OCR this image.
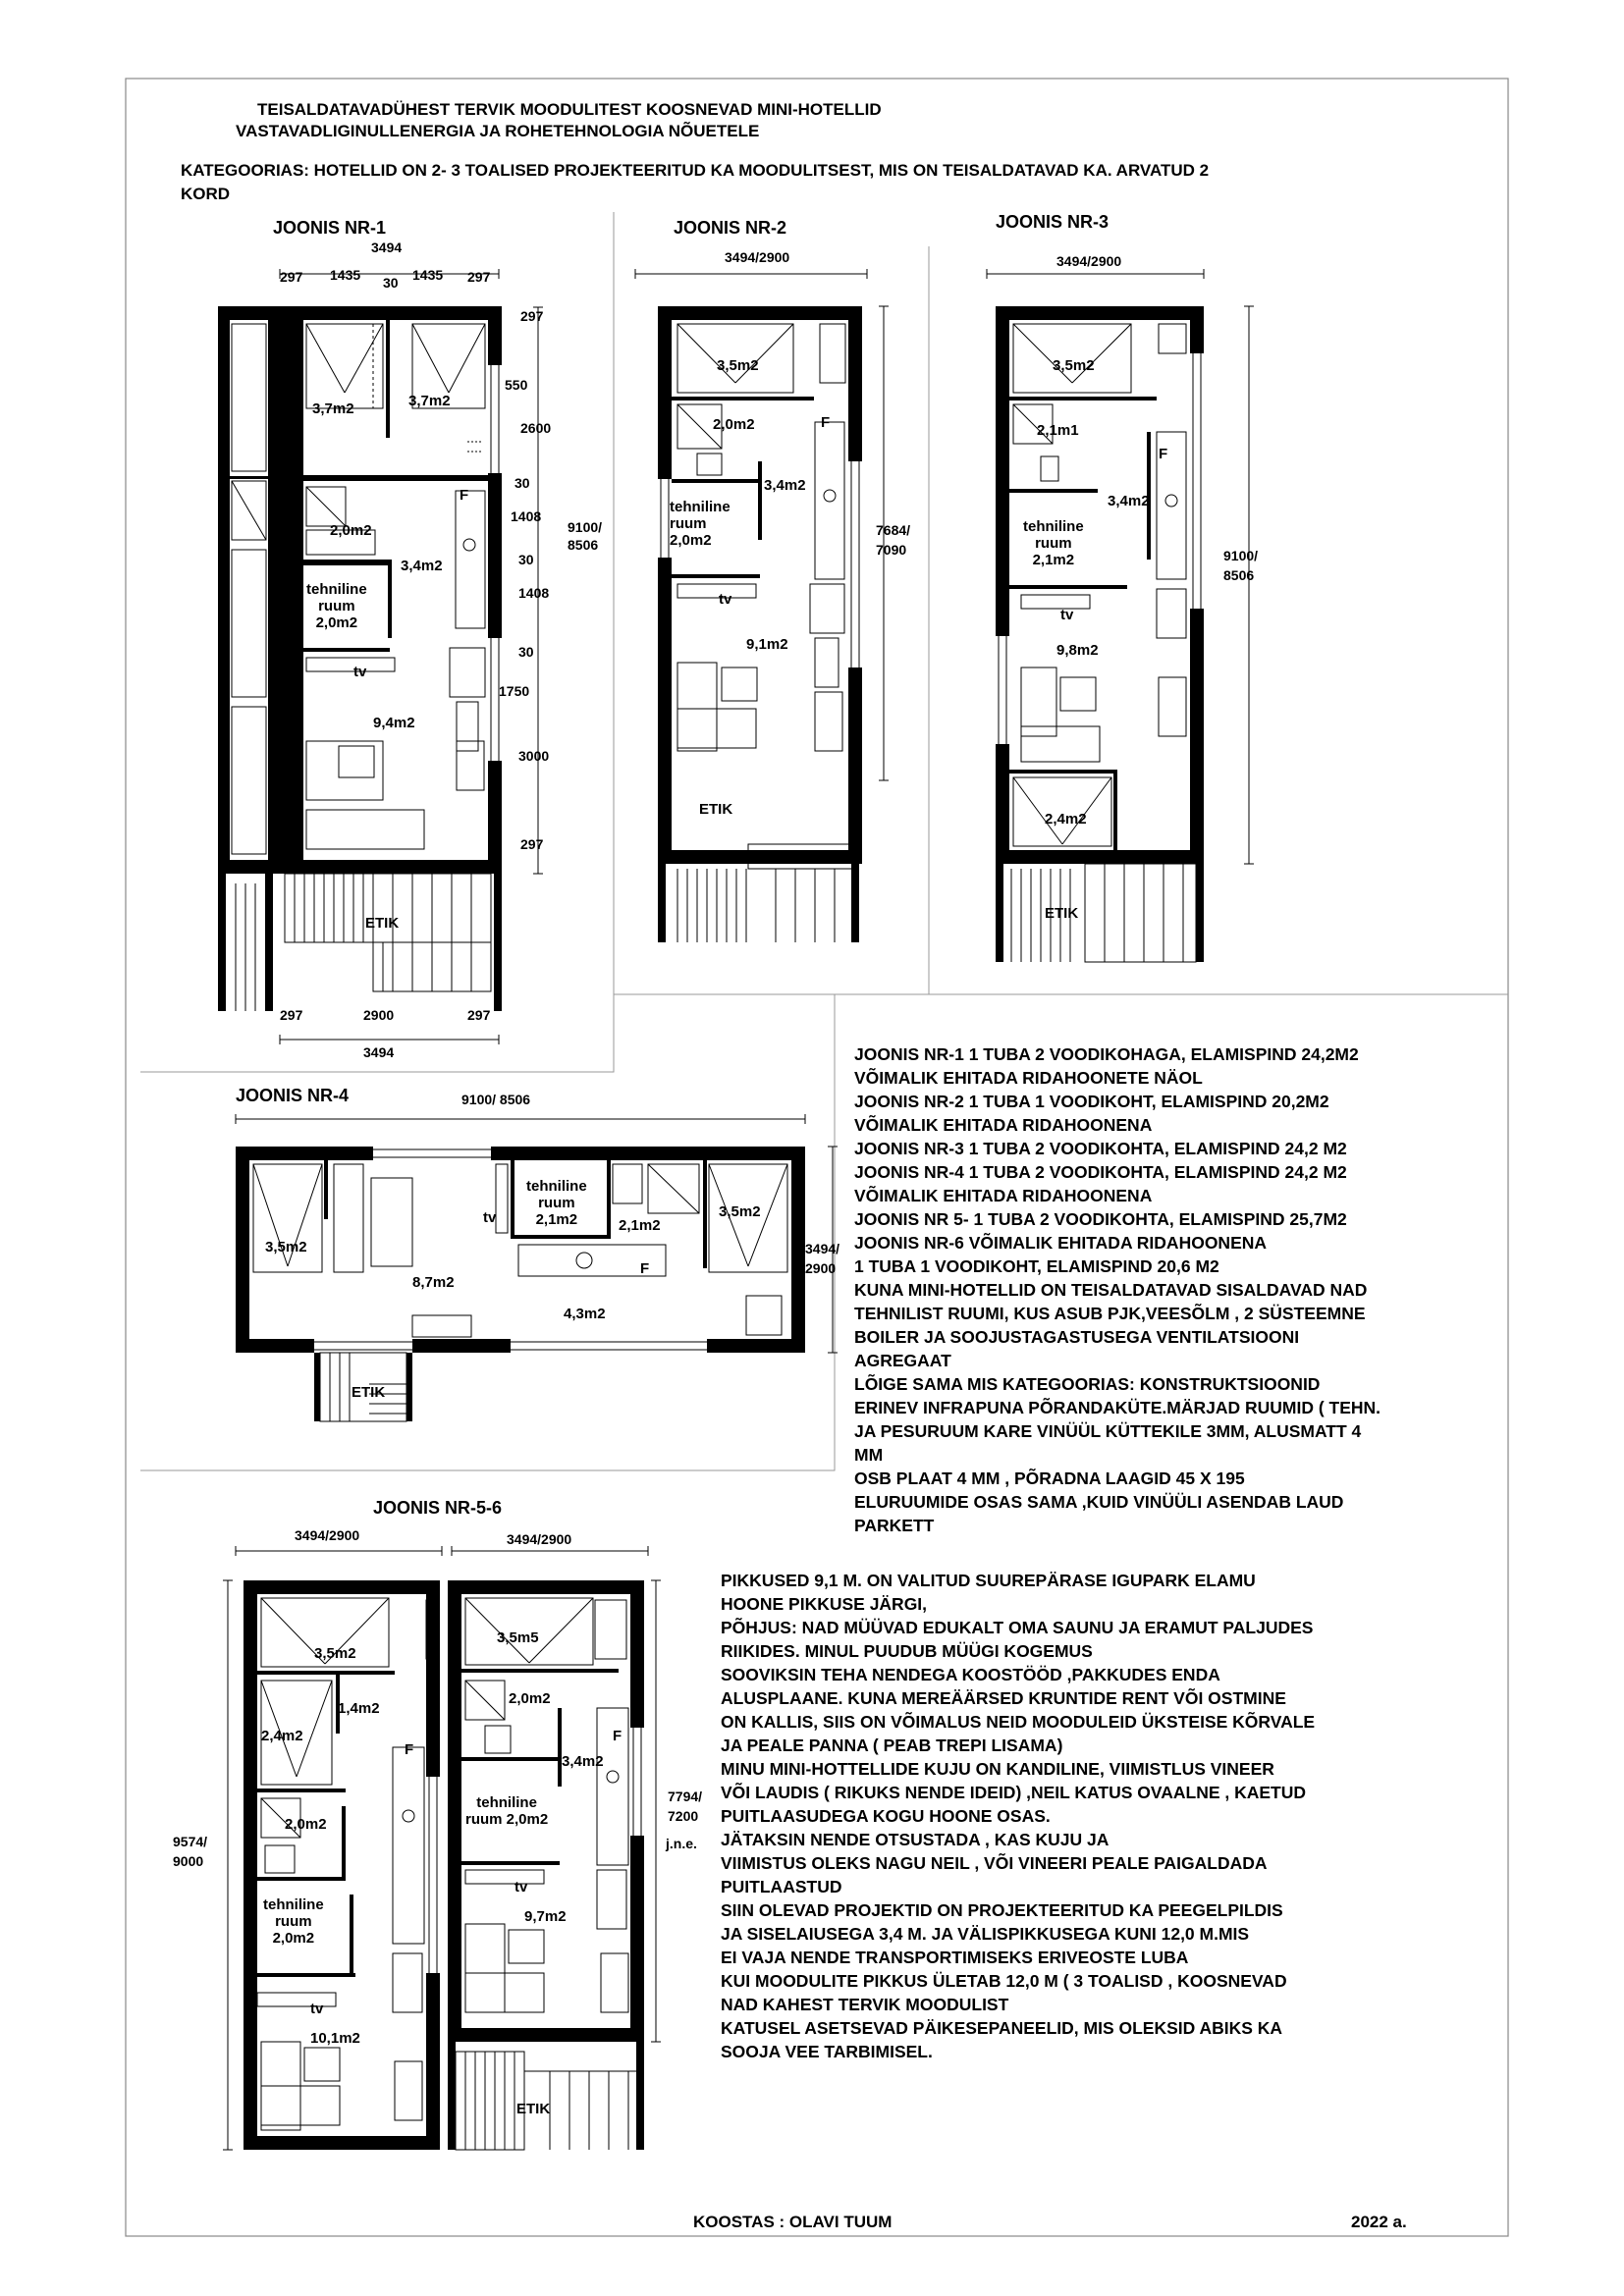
TEISALDATAVADÜHEST TERVIK MOODULITEST KOOSNEVAD MINI-HOTELLID
VASTAVADLIGINULLENERGIA JA ROHETEHNOLOGIA NÕUETELE
KATEGOORIAS: HOTELLID ON 2- 3 TOALISED PROJEKTEERITUD KA MOODULITSEST, MIS ON TEISALDATAVAD KA. ARVATUD 2
KORD
JOONIS NR-1
3494
297 1435 30 1435 297
297
550
2600
30
1408
30
1408
30
1750
3000
297
9100/
8506
297	2900	297
3494
3,7m2	3,7m2
2,0m2
3,4m2
tehniline
ruum
2,0m2
tv
9,4m2
F
ETIK
JOONIS NR-2
3494/2900
7684/
7090
3,5m2
2,0m2
3,4m2
tehniline
ruum
2,0m2
tv
9,1m2
F
ETIK
JOONIS NR-3
3494/2900
9100/
8506
3,5m2
2,1m1
3,4m2
tehniline
ruum
2,1m2
tv
9,8m2
2,4m2
F
ETIK
JOONIS NR-4	9100/ 8506
3494/
2900
3,5m2
8,7m2
tv
tehniline
ruum
2,1m2	2,1m2
3,5m2
4,3m2
F
ETIK
JOONIS NR-5-6
3494/2900	3494/2900
9574/
9000
7794/
7200
j.n.e.
3,5m2
1,4m2
2,4m2
2,0m2
tehniline
ruum
2,0m2
tv
10,1m2
F
3,5m5
2,0m2
3,4m2
tehniline
ruum 2,0m2
tv
9,7m2
F
ETIK
JOONIS NR-1 1 TUBA 2 VOODIKOHAGA, ELAMISPIND 24,2M2
VÕIMALIK EHITADA RIDAHOONETE NÄOL
JOONIS NR-2 1 TUBA 1 VOODIKOHT, ELAMISPIND 20,2M2
VÕIMALIK EHITADA RIDAHOONENA
JOONIS NR-3 1 TUBA 2 VOODIKOHTA, ELAMISPIND 24,2 M2
JOONIS NR-4 1 TUBA 2 VOODIKOHTA, ELAMISPIND 24,2 M2
VÕIMALIK EHITADA RIDAHOONENA
JOONIS NR 5- 1 TUBA 2 VOODIKOHTA, ELAMISPIND 25,7M2
JOONIS NR-6 VÕIMALIK EHITADA RIDAHOONENA
1 TUBA 1 VOODIKOHT, ELAMISPIND 20,6 M2
KUNA MINI-HOTELLID ON TEISALDATAVAD SISALDAVAD NAD
TEHNILIST RUUMI, KUS ASUB PJK,VEESÕLM , 2 SÜSTEEMNE
BOILER JA SOOJUSTAGASTUSEGA VENTILATSIOONI
AGREGAAT
LÕIGE SAMA MIS KATEGOORIAS: KONSTRUKTSIOONID
ERINEV INFRAPUNA PÕRANDAKÜTE.MÄRJAD RUUMID ( TEHN.
JA PESURUUM KARE VINÜÜL KÜTTEKILE 3MM, ALUSMATT 4
MM
OSB PLAAT 4 MM , PÕRADNA LAAGID 45 X 195
ELURUUMIDE OSAS SAMA ,KUID VINÜÜLI ASENDAB LAUD
PARKETT
PIKKUSED 9,1 M. ON VALITUD SUUREPÄRASE IGUPARK ELAMU
HOONE PIKKUSE JÄRGI,
PÕHJUS: NAD MÜÜVAD EDUKALT OMA SAUNU JA ERAMUT PALJUDES
RIIKIDES. MINUL PUUDUB MÜÜGI KOGEMUS
SOOVIKSIN TEHA NENDEGA KOOSTÖÖD ,PAKKUDES ENDA
ALUSPLAANE. KUNA MEREÄÄRSED KRUNTIDE RENT VÕI OSTMINE
ON KALLIS, SIIS ON VÕIMALUS NEID MOODULEID ÜKSTEISE KÕRVALE
JA PEALE PANNA ( PEAB TREPI LISAMA)
MINU MINI-HOTTELLIDE KUJU ON KANDILINE, VIIMISTLUS VINEER
VÕI LAUDIS ( RIKUKS NENDE IDEID) ,NEIL KATUS OVAALNE , KAETUD
PUITLAASUDEGA KOGU HOONE OSAS.
JÄTAKSIN NENDE OTSUSTADA , KAS KUJU JA
VIIMISTUS OLEKS NAGU NEIL , VÕI VINEERI PEALE PAIGALDADA
PUITLAASTUD
SIIN OLEVAD PROJEKTID ON PROJEKTEERITUD KA PEEGELPILDIS
JA SISELAIUSEGA 3,4 M. JA VÄLISPIKKUSEGA KUNI 12,0 M.MIS
EI VAJA NENDE TRANSPORTIMISEKS ERIVEOSTE LUBA
KUI MOODULITE PIKKUS ÜLETAB 12,0 M ( 3 TOALISD , KOOSNEVAD
NAD KAHEST TERVIK MOODULIST
KATUSEL ASETSEVAD PÄIKESEPANEELID, MIS OLEKSID ABIKS KA
SOOJA VEE TARBIMISEL.
KOOSTAS : OLAVI TUUM	2022 a.
